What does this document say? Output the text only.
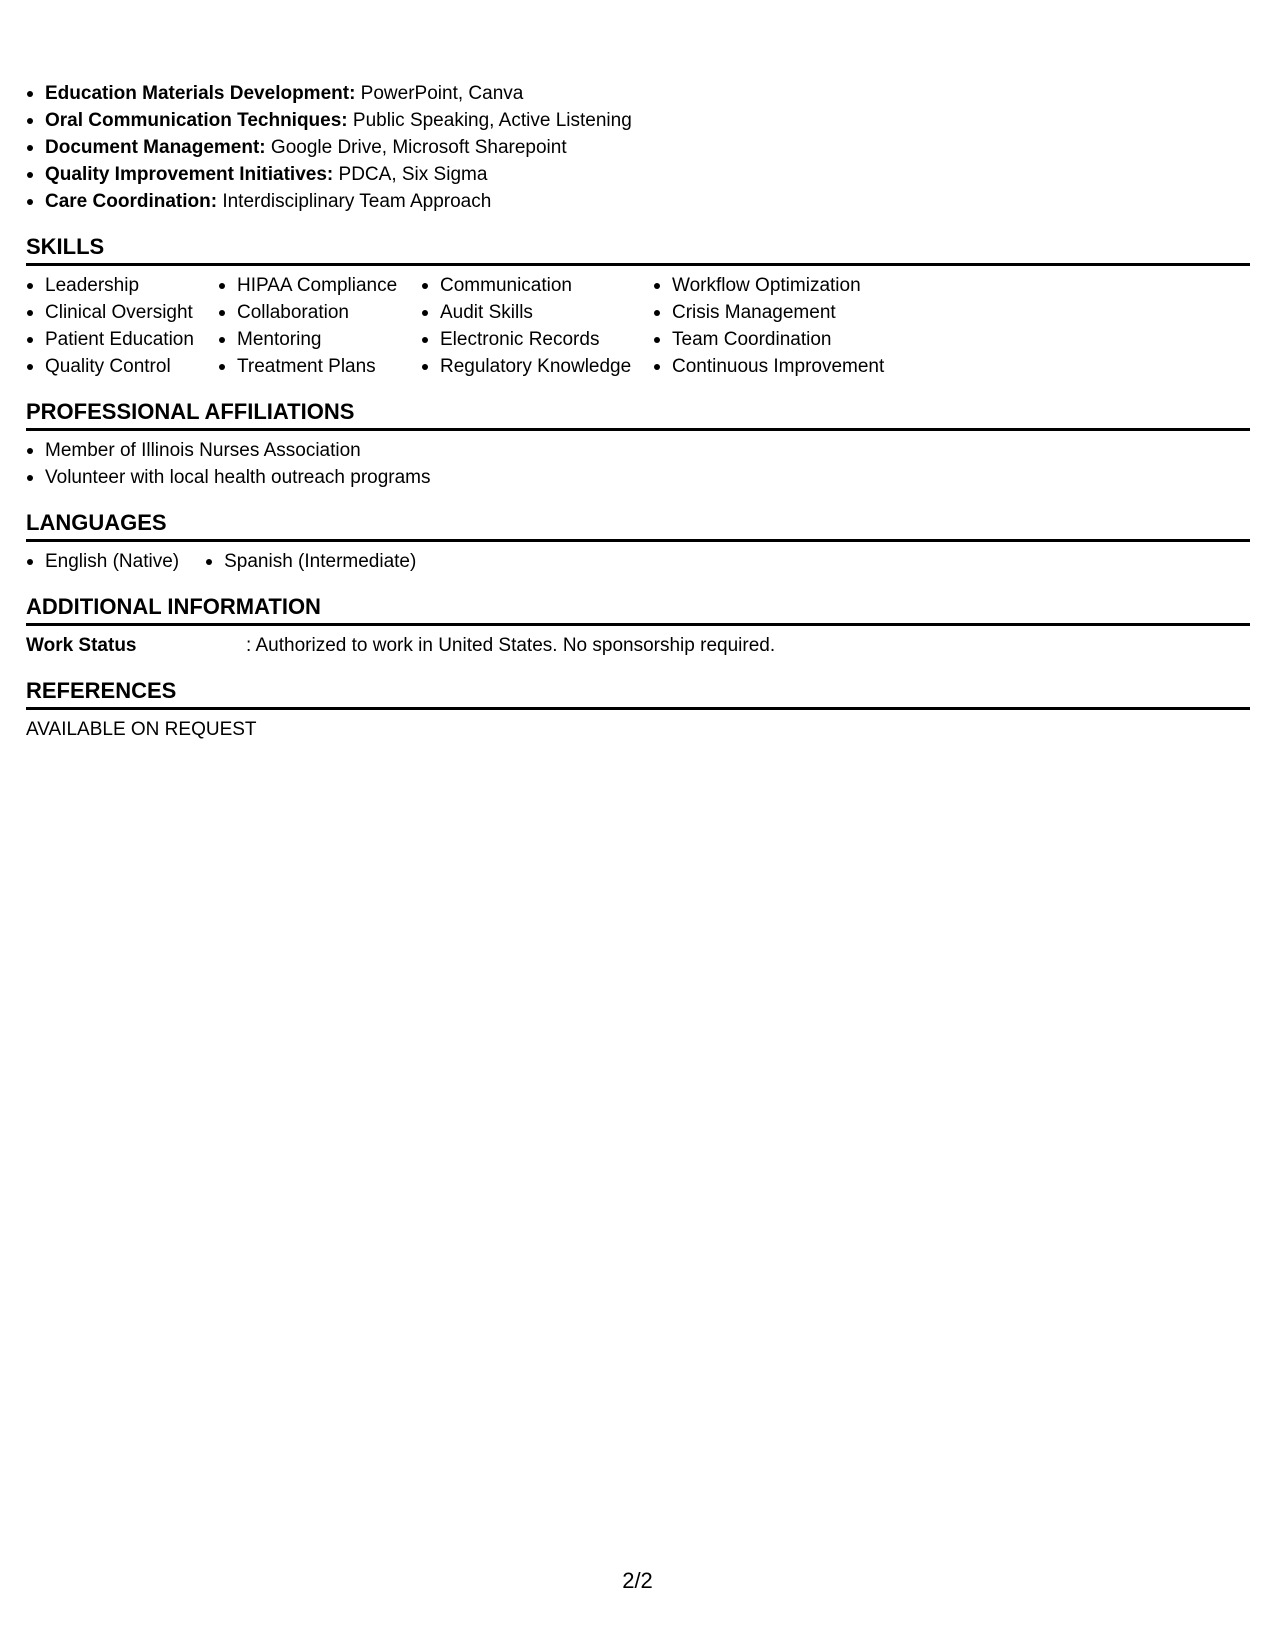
Education Materials Development: PowerPoint, Canva
Oral Communication Techniques: Public Speaking, Active Listening
Document Management: Google Drive, Microsoft Sharepoint
Quality Improvement Initiatives: PDCA, Six Sigma
Care Coordination: Interdisciplinary Team Approach
SKILLS
Leadership
Clinical Oversight
Patient Education
Quality Control
HIPAA Compliance
Collaboration
Mentoring
Treatment Plans
Communication
Audit Skills
Electronic Records
Regulatory Knowledge
Workflow Optimization
Crisis Management
Team Coordination
Continuous Improvement
PROFESSIONAL AFFILIATIONS
Member of Illinois Nurses Association
Volunteer with local health outreach programs
LANGUAGES
English (Native)	Spanish (Intermediate)
ADDITIONAL INFORMATION
Work Status	: Authorized to work in United States. No sponsorship required.
REFERENCES
AVAILABLE ON REQUEST
2/2
